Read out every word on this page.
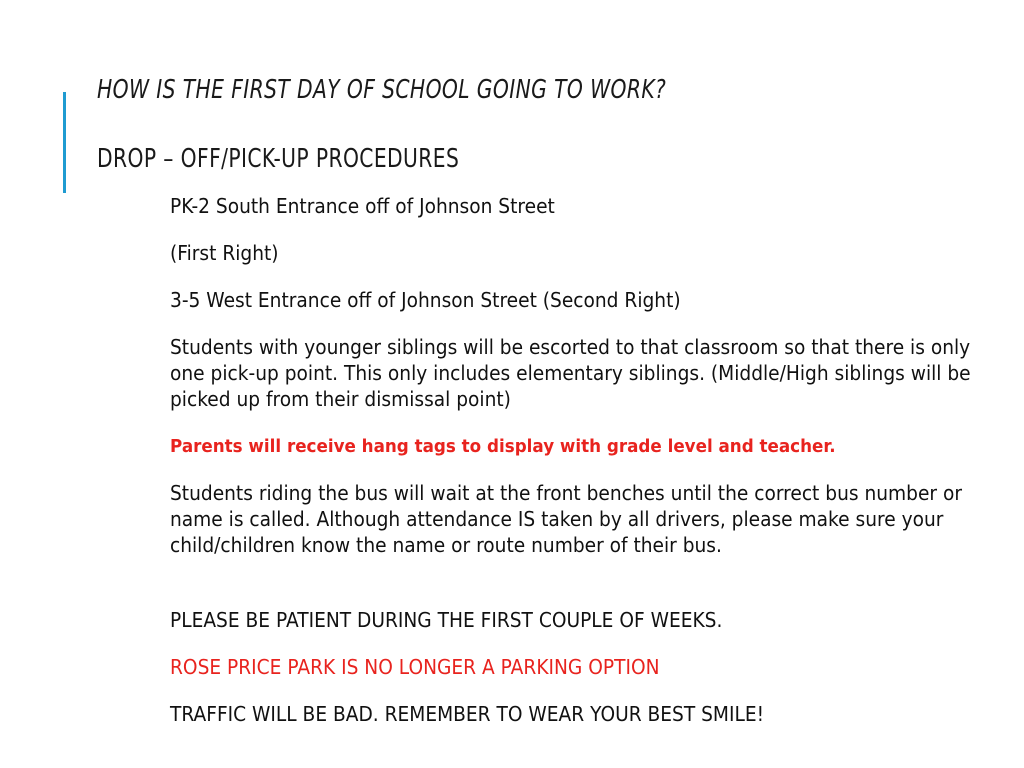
HOW IS THE FIRST DAY OF SCHOOL GOING TO WORK?
DROP – OFF/PICK-UP PROCEDURES

PK-2 South Entrance off of Johnson Street

(First Right)

3-5 West Entrance off of Johnson Street (Second Right)

Students with younger siblings will be escorted to that classroom so that there is only one pick-up point. This only includes elementary siblings. (Middle/High siblings will be picked up from their dismissal point)

Parents will receive hang tags to display with grade level and teacher.

Students riding the bus will wait at the front benches until the correct bus number or name is called. Although attendance IS taken by all drivers, please make sure your child/children know the name or route number of their bus.

PLEASE BE PATIENT DURING THE FIRST COUPLE OF WEEKS.

ROSE PRICE PARK IS NO LONGER A PARKING OPTION

TRAFFIC WILL BE BAD. REMEMBER TO WEAR YOUR BEST SMILE!
